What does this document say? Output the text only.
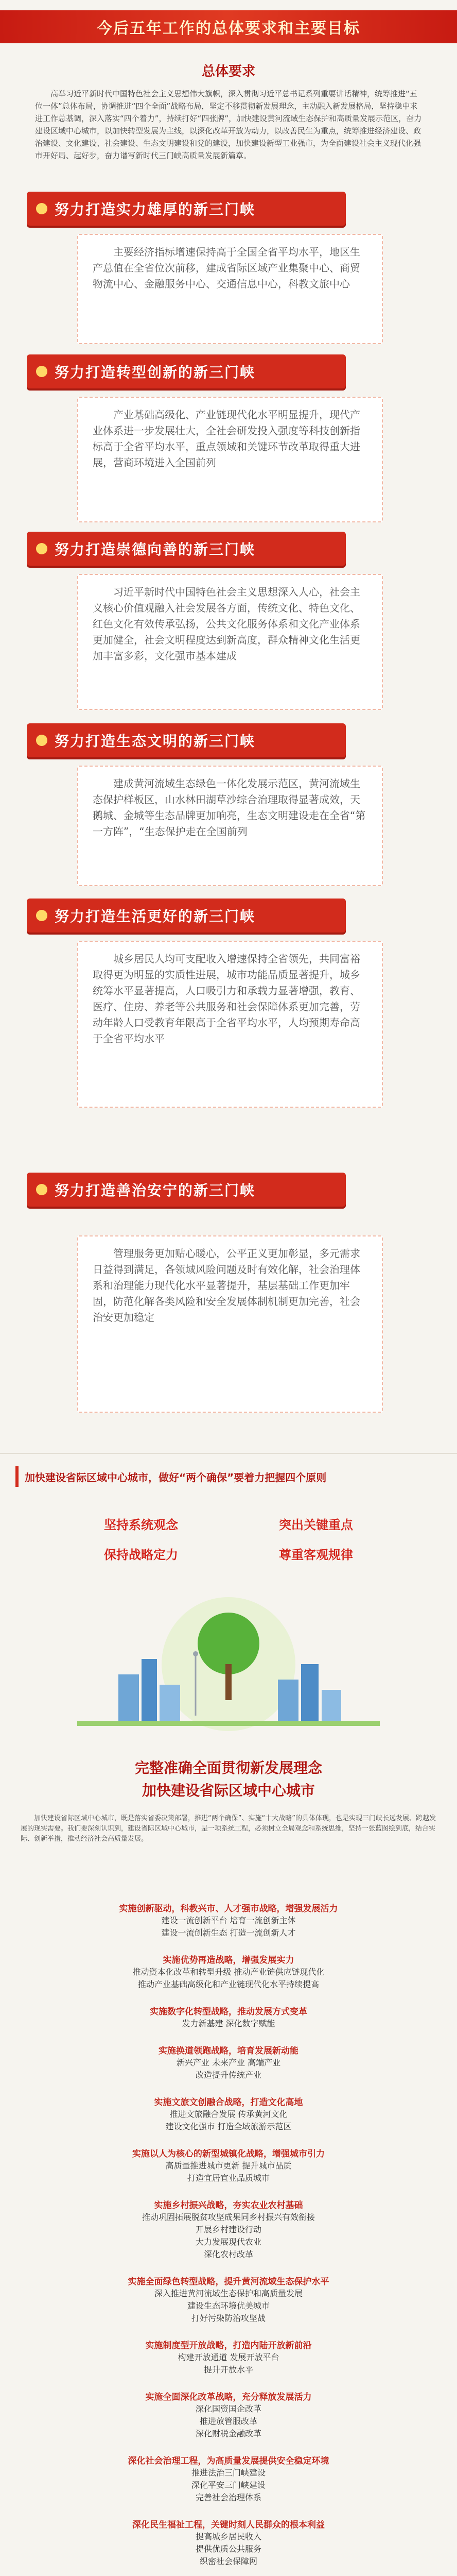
今后五年工作的总体要求和主要目标
总体要求
高举习近平新时代中国特色社会主义思想伟大旗帜，深入贯彻习近平总书记系列重要讲话精神，统筹推进“五位一体”总体布局，协调推进“四个全面”战略布局，坚定不移贯彻新发展理念，主动融入新发展格局，坚持稳中求进工作总基调，深入落实“四个着力”，持续打好“四张牌”，加快建设黄河流域生态保护和高质量发展示范区，奋力建设区域中心城市，以加快转型发展为主线，以深化改革开放为动力，以改善民生为重点，统筹推进经济建设、政治建设、文化建设、社会建设、生态文明建设和党的建设，加快建设新型工业强市，为全面建设社会主义现代化强市开好局、起好步，奋力谱写新时代三门峡高质量发展新篇章。
努力打造实力雄厚的新三门峡
主要经济指标增速保持高于全国全省平均水平，地区生产总值在全省位次前移，建成省际区域产业集聚中心、商贸物流中心、金融服务中心、交通信息中心，科教文旅中心
努力打造转型创新的新三门峡
产业基础高级化、产业链现代化水平明显提升，现代产业体系进一步发展壮大，全社会研发投入强度等科技创新指标高于全省平均水平，重点领域和关键环节改革取得重大进展，营商环境进入全国前列
努力打造崇德向善的新三门峡
习近平新时代中国特色社会主义思想深入人心，社会主义核心价值观融入社会发展各方面，传统文化、特色文化、红色文化有效传承弘扬，公共文化服务体系和文化产业体系更加健全，社会文明程度达到新高度，群众精神文化生活更加丰富多彩，文化强市基本建成
努力打造生态文明的新三门峡
建成黄河流域生态绿色一体化发展示范区，黄河流域生态保护样板区，山水林田湖草沙综合治理取得显著成效，天鹅城、金城等生态品牌更加响亮，生态文明建设走在全省“第一方阵”，“生态保护走在全国前列
努力打造生活更好的新三门峡
城乡居民人均可支配收入增速保持全省领先，共同富裕取得更为明显的实质性进展，城市功能品质显著提升，城乡统筹水平显著提高，人口吸引力和承载力显著增强，教育、医疗、住房、养老等公共服务和社会保障体系更加完善，劳动年龄人口受教育年限高于全省平均水平，人均预期寿命高于全省平均水平
努力打造善治安宁的新三门峡
管理服务更加贴心暖心，公平正义更加彰显，多元需求日益得到满足，各领域风险问题及时有效化解，社会治理体系和治理能力现代化水平显著提升，基层基础工作更加牢固，防范化解各类风险和安全发展体制机制更加完善，社会治安更加稳定
加快建设省际区域中心城市，做好“两个确保”要着力把握四个原则
坚持系统观念	突出关键重点
保持战略定力	尊重客观规律
完整准确全面贯彻新发展理念
加快建设省际区域中心城市
加快建设省际区域中心城市，既是落实省委决策部署，推进“两个确保”、实施“十大战略”的具体体现，也是实现三门峡长远发展、跨越发展的现实需要。我们要深刻认识到，建设省际区域中心城市，是一项系统工程，必须树立全局观念和系统思维，坚持一张蓝图绘到底，结合实际、创新举措，推动经济社会高质量发展。
实施创新驱动，科教兴市、人才强市战略，增强发展活力
建设一流创新平台 培育一流创新主体
建设一流创新生态 打造一流创新人才
实施优势再造战略，增强发展实力
推动资本化改革和转型升级 推动产业链供应链现代化
推动产业基础高级化和产业链现代化水平持续提高
实施数字化转型战略，推动发展方式变革
发力新基建 深化数字赋能
实施换道领跑战略，培育发展新动能
新兴产业 未来产业 高端产业
改造提升传统产业
实施文旅文创融合战略，打造文化高地
推进文旅融合发展 传承黄河文化
建设文化强市 打造全域旅游示范区
实施以人为核心的新型城镇化战略，增强城市引力
高质量推进城市更新 提升城市品质
打造宜居宜业品质城市
实施乡村振兴战略，夯实农业农村基础
推动巩固拓展脱贫攻坚成果同乡村振兴有效衔接
开展乡村建设行动
大力发展现代农业
深化农村改革
实施全面绿色转型战略，提升黄河流域生态保护水平
深入推进黄河流域生态保护和高质量发展
建设生态环境优美城市
打好污染防治攻坚战
实施制度型开放战略，打造内陆开放新前沿
构建开放通道 发展开放平台
提升开放水平
实施全面深化改革战略，充分释放发展活力
深化国资国企改革
推进放管服改革
深化财税金融改革
深化社会治理工程，为高质量发展提供安全稳定环境
推进法治三门峡建设
深化平安三门峡建设
完善社会治理体系
深化民生福祉工程，关键时刻人民群众的根本利益
提高城乡居民收入
提供优质公共服务
织密社会保障网
